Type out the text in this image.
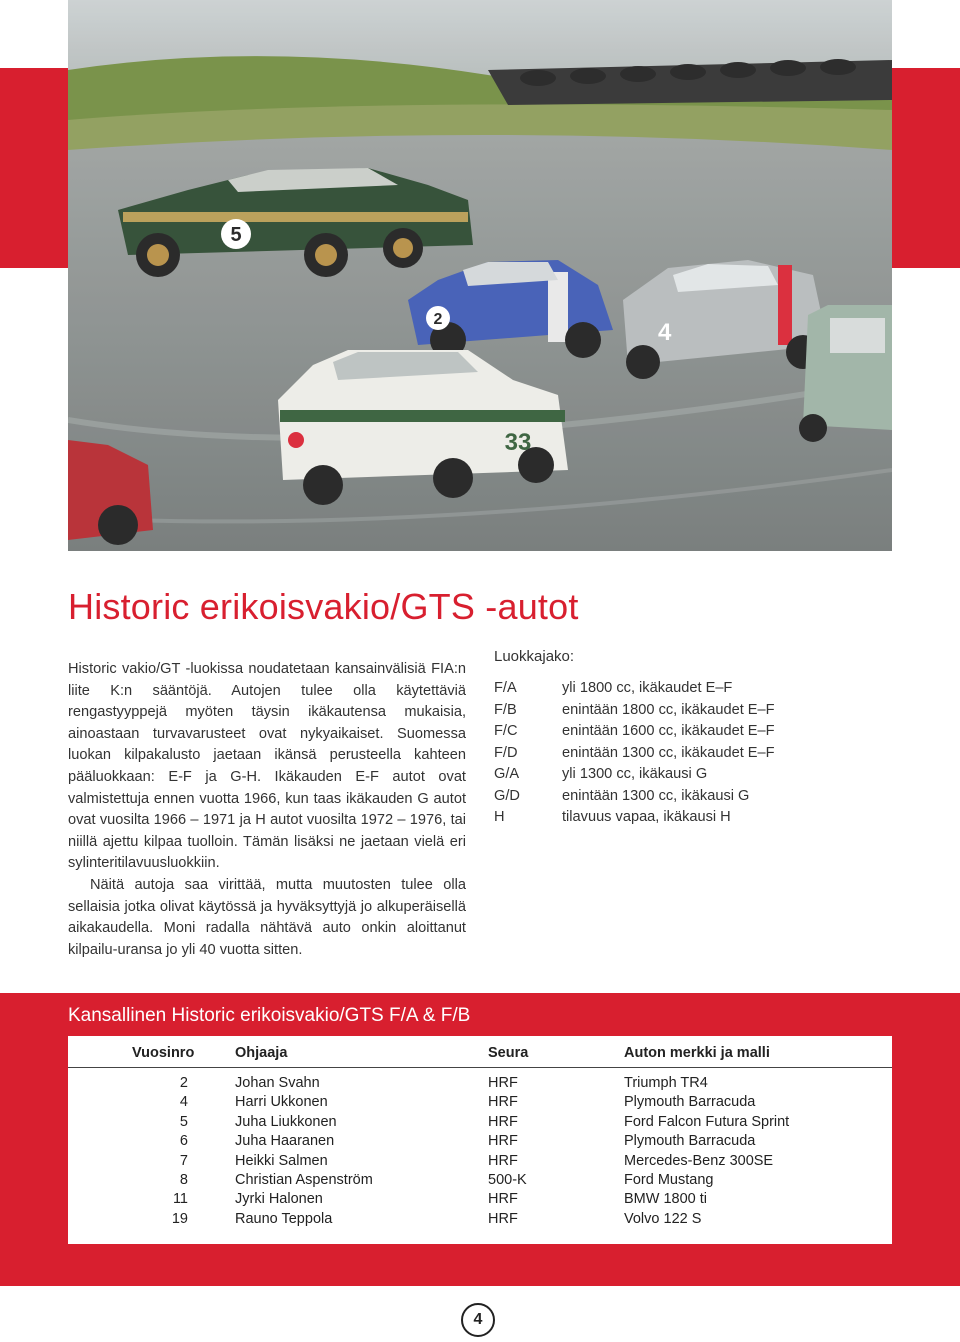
5
2	4
33
Historic erikoisvakio/GTS -autot

Historic vakio/GT -luokissa noudatetaan kansainvälisiä FIA:n liite K:n sääntöjä. Autojen tulee olla käytettäviä rengastyyppejä myöten täysin ikäkautensa mukaisia, ainoastaan turvavarusteet ovat nykyaikaiset. Suomessa luokan kilpakalusto jaetaan ikänsä perusteella kahteen pääluokkaan: E-F ja G-H. Ikäkauden E-F autot ovat valmistettuja ennen vuotta 1966, kun taas ikäkauden G autot ovat vuosilta 1966 – 1971 ja H autot vuosilta 1972 – 1976, tai niillä ajettu kilpaa tuolloin. Tämän lisäksi ne jaetaan vielä eri sylinteritilavuusluokkiin.

Näitä autoja saa virittää, mutta muutosten tulee olla sellaisia jotka olivat käytössä ja hyväksyttyjä jo alkuperäisellä aikakaudella. Moni radalla nähtävä auto onkin aloittanut kilpailu-uransa jo yli 40 vuotta sitten.

Luokkajako:

F/A	yli 1800 cc, ikäkaudet E–F
F/B	enintään 1800 cc, ikäkaudet E–F
F/C	enintään 1600 cc, ikäkaudet E–F
F/D	enintään 1300 cc, ikäkaudet E–F
G/A	yli 1300 cc, ikäkausi G
G/D	enintään 1300 cc, ikäkausi G
H	tilavuus vapaa, ikäkausi H
Kansallinen Historic erikoisvakio/GTS F/A & F/B
Vuosinro	Ohjaaja	Seura	Auton merkki ja malli
2	Johan Svahn	HRF	Triumph TR4
4	Harri Ukkonen	HRF	Plymouth Barracuda
5	Juha Liukkonen	HRF	Ford Falcon Futura Sprint
6	Juha Haaranen	HRF	Plymouth Barracuda
7	Heikki Salmen	HRF	Mercedes-Benz 300SE
8	Christian Aspenström	500-K	Ford Mustang
11	Jyrki Halonen	HRF	BMW 1800 ti
19	Rauno Teppola	HRF	Volvo 122 S
4
